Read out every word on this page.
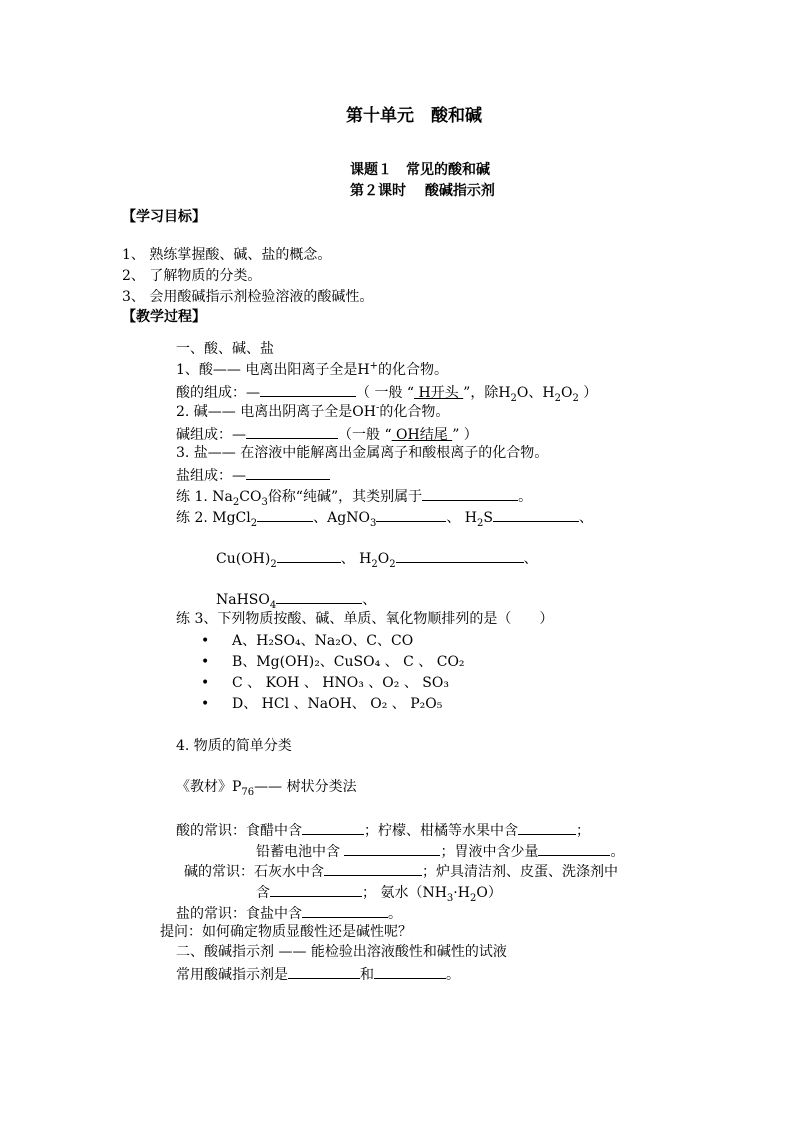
第十单元　酸和碱
课题１　常见的酸和碱
第２课时　 酸碱指示剂
【学习目标】
1、 熟练掌握酸、碱、盐的概念。
2、 了解物质的分类。
3、 会用酸碱指示剂检验溶液的酸碱性。
【教学过程】
一、酸、碱、盐
1、酸—— 电离出阳离子全是H+的化合物。
酸的组成：—	（ 一般 “ H开头 ”，除$H_2O$、$H_2O_2$ ）
2. 碱—— 电离出阴离子全是OH-的化合物。
碱组成：—	（一般 “ OH结尾 ” ）
3. 盐—— 在溶液中能解离出金属离子和酸根离子的化合物。
盐组成：—
练 1. $Na_2CO_3$俗称“纯碱”，其类别属于	。
练 2. MgCl$_2$	、AgNO$_3$	、 $H_2S$	、
$Cu(OH)_2$	、 $H_2O_2$	、
NaHSO$_4$	、
练 3、下列物质按酸、碱、单质、氧化物顺排列的是（　　）
• A、H₂SO₄、Na₂O、C、CO
• B、Mg(OH)₂、CuSO₄ 、 C 、 CO₂
• C 、 KOH 、 HNO₃ 、O₂ 、 SO₃
• D、 HCl 、NaOH、 O₂ 、 P₂O₅
4. 物质的简单分类
《教材》$P_{76}——$ 树状分类法
酸的常识：食醋中含	；柠檬、柑橘等水果中含	；
铅蓄电池中含	；胃液中含少量	。
碱的常识：石灰水中含	；炉具清洁剂、皮蛋、洗涤剂中
含	； 氨水$(NH_3\cdot H_2O)$
盐的常识：食盐中含	。
提问：如何确定物质显酸性还是碱性呢？
二、酸碱指示剂 —— 能检验出溶液酸性和碱性的试液
常用酸碱指示剂是	和	。
